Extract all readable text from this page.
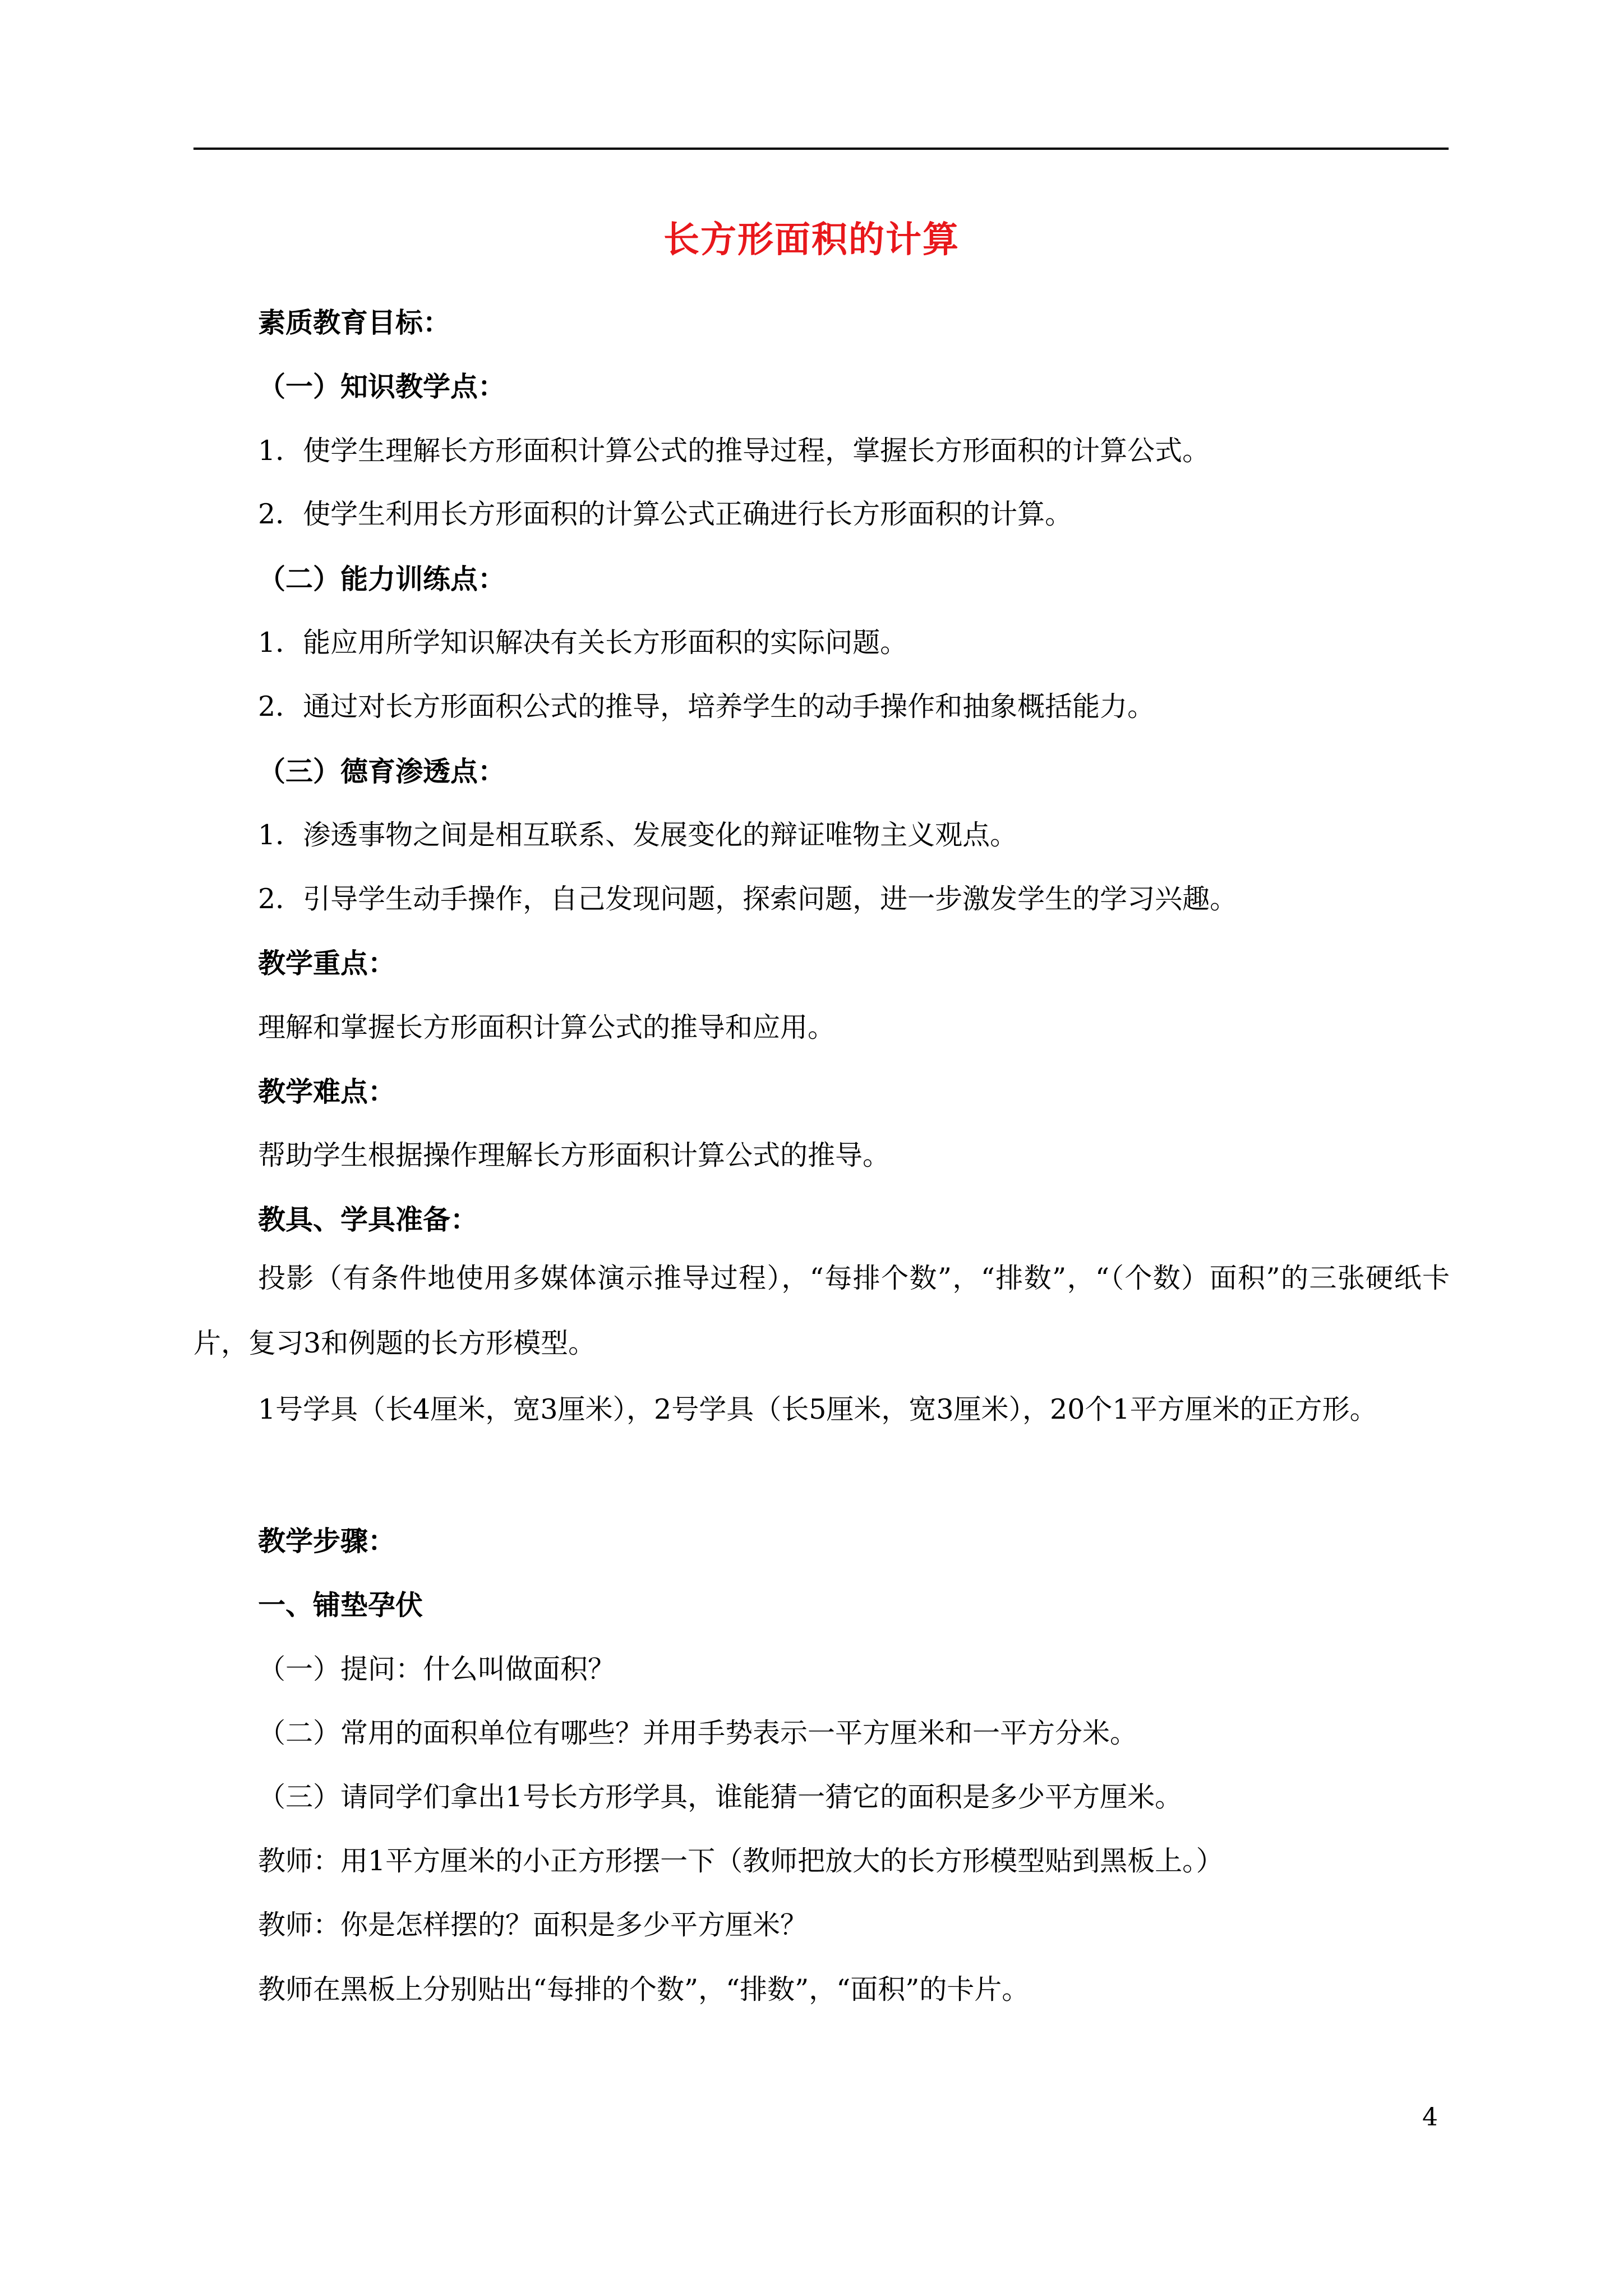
长方形面积的计算
素质教育目标：
（一）知识教学点：
1．使学生理解长方形面积计算公式的推导过程，掌握长方形面积的计算公式。
2．使学生利用长方形面积的计算公式正确进行长方形面积的计算。
（二）能力训练点：
1．能应用所学知识解决有关长方形面积的实际问题。
2．通过对长方形面积公式的推导，培养学生的动手操作和抽象概括能力。
（三）德育渗透点：
1．渗透事物之间是相互联系、发展变化的辩证唯物主义观点。
2．引导学生动手操作，自己发现问题，探索问题，进一步激发学生的学习兴趣。
教学重点：
理解和掌握长方形面积计算公式的推导和应用。
教学难点：
帮助学生根据操作理解长方形面积计算公式的推导。
教具、学具准备：
投影（有条件地使用多媒体演示推导过程），“每排个数”，“排数”，“（个数）面积”的三张硬纸卡片，复习3和例题的长方形模型。
1号学具（长4厘米，宽3厘米），2号学具（长5厘米，宽3厘米），20个1平方厘米的正方形。
教学步骤：
一、铺垫孕伏
（一）提问：什么叫做面积？
（二）常用的面积单位有哪些？并用手势表示一平方厘米和一平方分米。
（三）请同学们拿出1号长方形学具，谁能猜一猜它的面积是多少平方厘米。
教师：用1平方厘米的小正方形摆一下（教师把放大的长方形模型贴到黑板上。）
教师：你是怎样摆的？面积是多少平方厘米？
教师在黑板上分别贴出“每排的个数”，“排数”，“面积”的卡片。
4
